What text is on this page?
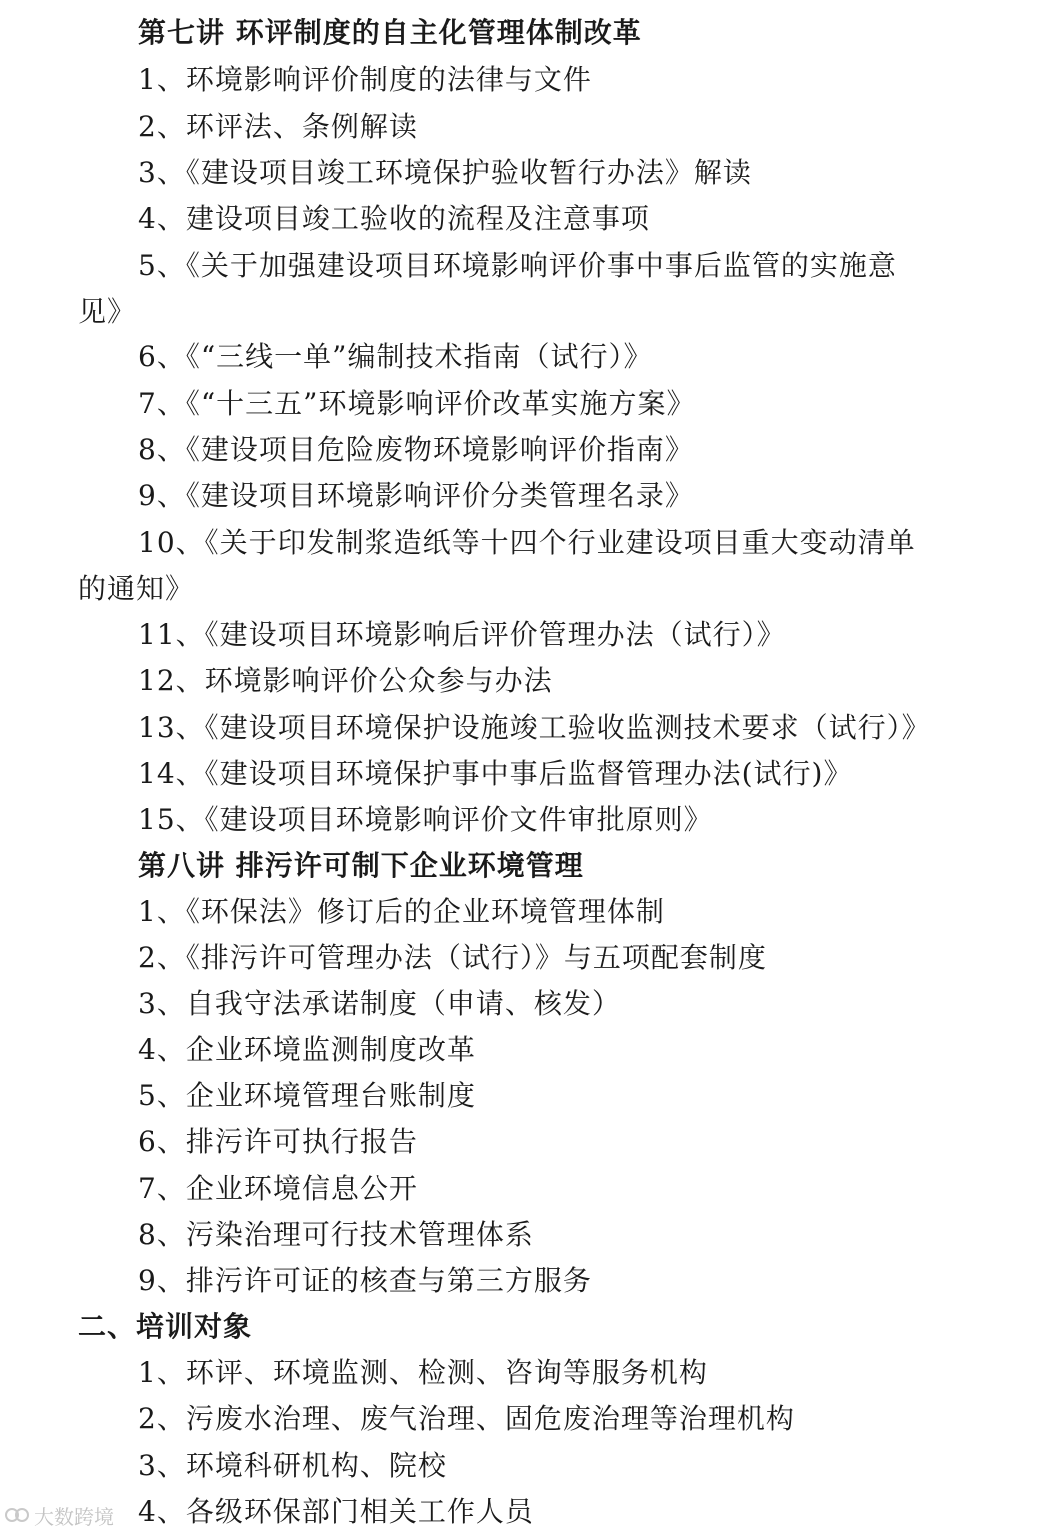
第七讲 环评制度的自主化管理体制改革
1、环境影响评价制度的法律与文件
2、环评法、条例解读
3、《建设项目竣工环境保护验收暂行办法》解读
4、建设项目竣工验收的流程及注意事项
5、《关于加强建设项目环境影响评价事中事后监管的实施意
见》
6、《“三线一单”编制技术指南（试行）》
7、《“十三五”环境影响评价改革实施方案》
8、《建设项目危险废物环境影响评价指南》
9、《建设项目环境影响评价分类管理名录》
10、《关于印发制浆造纸等十四个行业建设项目重大变动清单
的通知》
11、《建设项目环境影响后评价管理办法（试行）》
12、环境影响评价公众参与办法
13、《建设项目环境保护设施竣工验收监测技术要求（试行）》
14、《建设项目环境保护事中事后监督管理办法(试行)》
15、《建设项目环境影响评价文件审批原则》
第八讲 排污许可制下企业环境管理
1、《环保法》修订后的企业环境管理体制
2、《排污许可管理办法（试行）》与五项配套制度
3、自我守法承诺制度（申请、核发）
4、企业环境监测制度改革
5、企业环境管理台账制度
6、排污许可执行报告
7、企业环境信息公开
8、污染治理可行技术管理体系
9、排污许可证的核查与第三方服务
二、培训对象
1、环评、环境监测、检测、咨询等服务机构
2、污废水治理、废气治理、固危废治理等治理机构
3、环境科研机构、院校
4、各级环保部门相关工作人员
大数跨境
